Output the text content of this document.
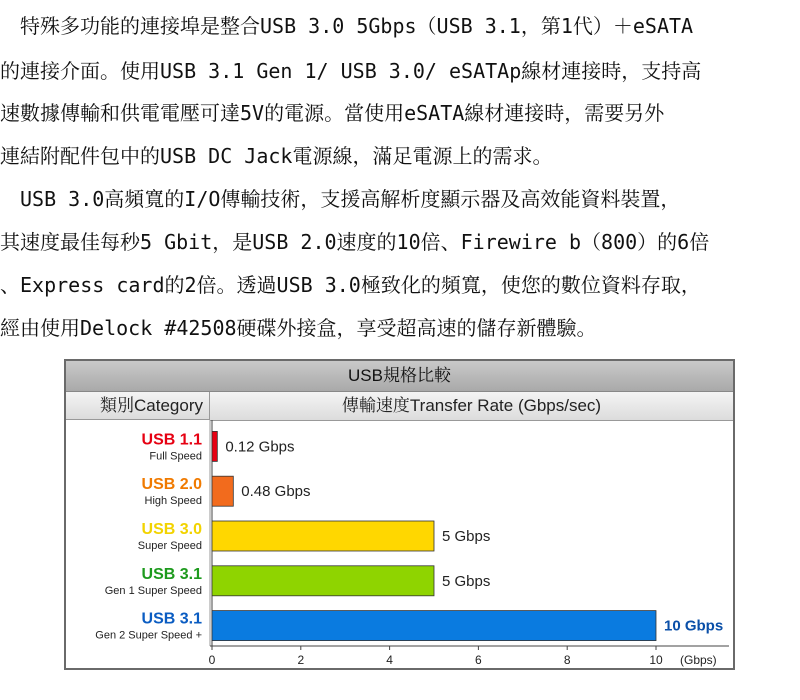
　特殊多功能的連接埠是整合USB 3.0 5Gbps（USB 3.1，第1代）＋eSATA
的連接介面。使用USB 3.1 Gen 1/ USB 3.0/ eSATAp線材連接時，支持高
速數據傳輸和供電電壓可達5V的電源。當使用eSATA線材連接時，需要另外
連結附配件包中的USB DC Jack電源線，滿足電源上的需求。
　USB 3.0高頻寬的I/O傳輸技術，支援高解析度顯示器及高效能資料裝置，
其速度最佳每秒5 Gbit，是USB 2.0速度的10倍、Firewire b（800）的6倍
、Express card的2倍。透過USB 3.0極致化的頻寬，使您的數位資料存取，
經由使用Delock #42508硬碟外接盒，享受超高速的儲存新體驗。
USB規格比較
類別Category	傳輸速度Transfer Rate (Gbps/sec)
USB 1.1
Full Speed
0.12 Gbps
USB 2.0
High Speed
0.48 Gbps
USB 3.0
Super Speed
5 Gbps
USB 3.1
Gen 1 Super Speed
5 Gbps
USB 3.1
Gen 2 Super Speed +
10 Gbps
0	2	4	6	8	10 (Gbps)
